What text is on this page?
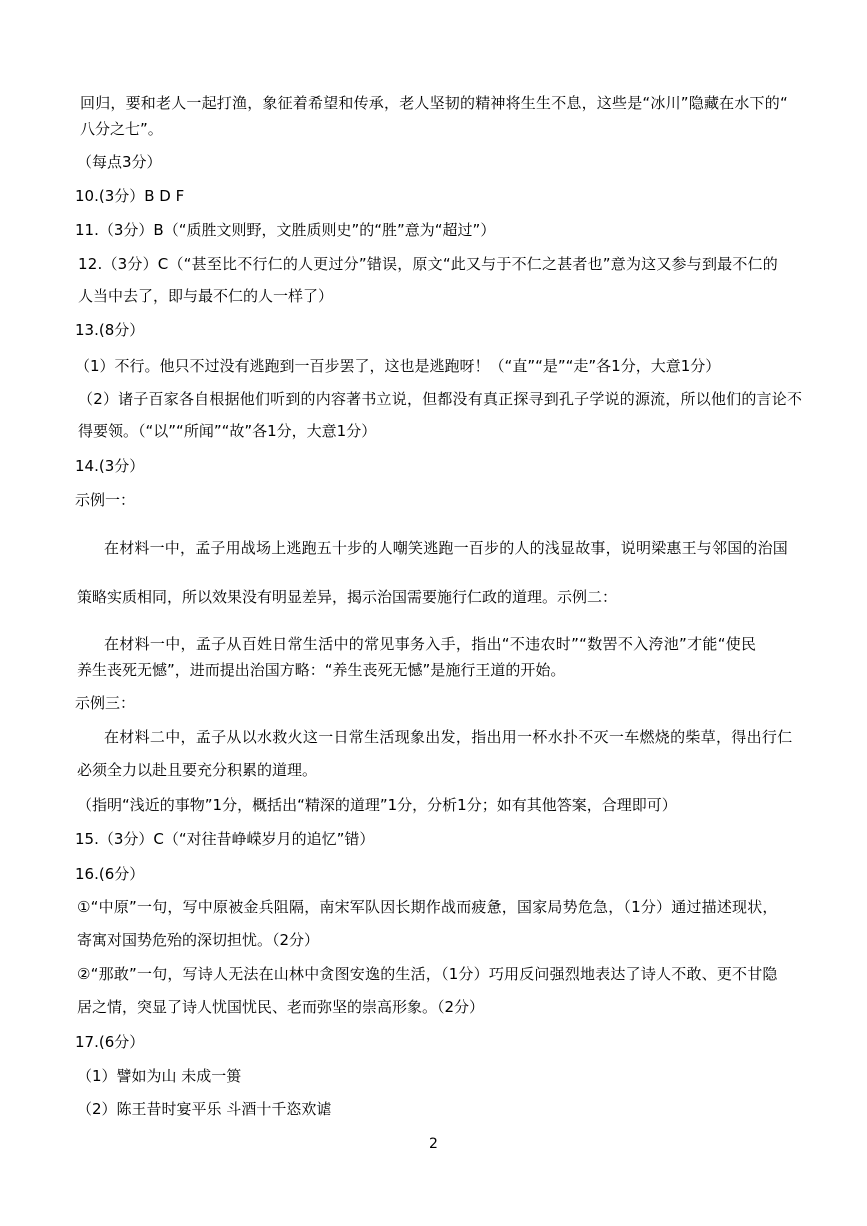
回归，要和老人一起打渔，象征着希望和传承，老人坚韧的精神将生生不息，这些是“冰川”隐藏在水下的“
八分之七”。
（每点3分）
10.(3分）B D F
11.（3分）B（“质胜文则野，文胜质则史”的“胜”意为“超过”）
12.（3分）C（“甚至比不行仁的人更过分”错误，原文“此又与于不仁之甚者也”意为这又参与到最不仁的
人当中去了，即与最不仁的人一样了）
13.(8分）
（1）不行。他只不过没有逃跑到一百步罢了，这也是逃跑呀！（“直”“是”“走”各1分，大意1分）
（2）诸子百家各自根据他们听到的内容著书立说，但都没有真正探寻到孔子学说的源流，所以他们的言论不
得要领。（“以”“所闻”“故”各1分，大意1分）
14.(3分）
示例一：
在材料一中，孟子用战场上逃跑五十步的人嘲笑逃跑一百步的人的浅显故事，说明梁惠王与邻国的治国
策略实质相同，所以效果没有明显差异，揭示治国需要施行仁政的道理。示例二：
在材料一中，孟子从百姓日常生活中的常见事务入手，指出“不违农时”“数罟不入洿池”才能“使民
养生丧死无憾”，进而提出治国方略：“养生丧死无憾”是施行王道的开始。
示例三：
在材料二中，孟子从以水救火这一日常生活现象出发，指出用一杯水扑不灭一车燃烧的柴草，得出行仁
必须全力以赴且要充分积累的道理。
（指明“浅近的事物”1分，概括出“精深的道理”1分，分析1分；如有其他答案，合理即可）
15.（3分）C（“对往昔峥嵘岁月的追忆”错）
16.(6分）
①“中原”一句，写中原被金兵阻隔，南宋军队因长期作战而疲惫，国家局势危急，（1分）通过描述现状，
寄寓对国势危殆的深切担忧。（2分）
②“那敢”一句，写诗人无法在山林中贪图安逸的生活，（1分）巧用反问强烈地表达了诗人不敢、更不甘隐
居之情，突显了诗人忧国忧民、老而弥坚的崇高形象。（2分）
17.(6分）
（1）譬如为山 未成一篑
（2）陈王昔时宴平乐 斗酒十千恣欢谑
2
